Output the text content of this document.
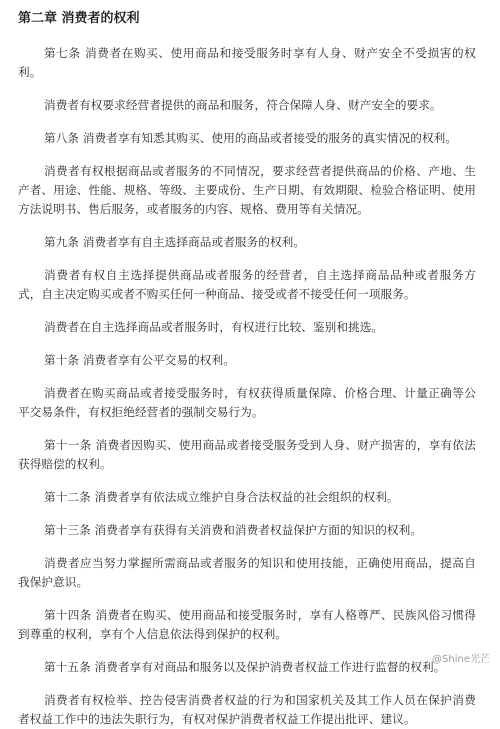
第二章 消费者的权利

第七条 消费者在购买、使用商品和接受服务时享有人身、财产安全不受损害的权利。

消费者有权要求经营者提供的商品和服务，符合保障人身、财产安全的要求。

第八条 消费者享有知悉其购买、使用的商品或者接受的服务的真实情况的权利。

消费者有权根据商品或者服务的不同情况，要求经营者提供商品的价格、产地、生产者、用途、性能、规格、等级、主要成份、生产日期、有效期限、检验合格证明、使用方法说明书、售后服务，或者服务的内容、规格、费用等有关情况。

第九条 消费者享有自主选择商品或者服务的权利。

消费者有权自主选择提供商品或者服务的经营者，自主选择商品品种或者服务方式，自主决定购买或者不购买任何一种商品、接受或者不接受任何一项服务。

消费者在自主选择商品或者服务时，有权进行比较、鉴别和挑选。

第十条 消费者享有公平交易的权利。

消费者在购买商品或者接受服务时，有权获得质量保障、价格合理、计量正确等公平交易条件，有权拒绝经营者的强制交易行为。

第十一条 消费者因购买、使用商品或者接受服务受到人身、财产损害的，享有依法获得赔偿的权利。

第十二条 消费者享有依法成立维护自身合法权益的社会组织的权利。

第十三条 消费者享有获得有关消费和消费者权益保护方面的知识的权利。

消费者应当努力掌握所需商品或者服务的知识和使用技能，正确使用商品，提高自我保护意识。

第十四条 消费者在购买、使用商品和接受服务时，享有人格尊严、民族风俗习惯得到尊重的权利，享有个人信息依法得到保护的权利。

第十五条 消费者享有对商品和服务以及保护消费者权益工作进行监督的权利。

消费者有权检举、控告侵害消费者权益的行为和国家机关及其工作人员在保护消费者权益工作中的违法失职行为，有权对保护消费者权益工作提出批评、建议。

@Shine光芒
